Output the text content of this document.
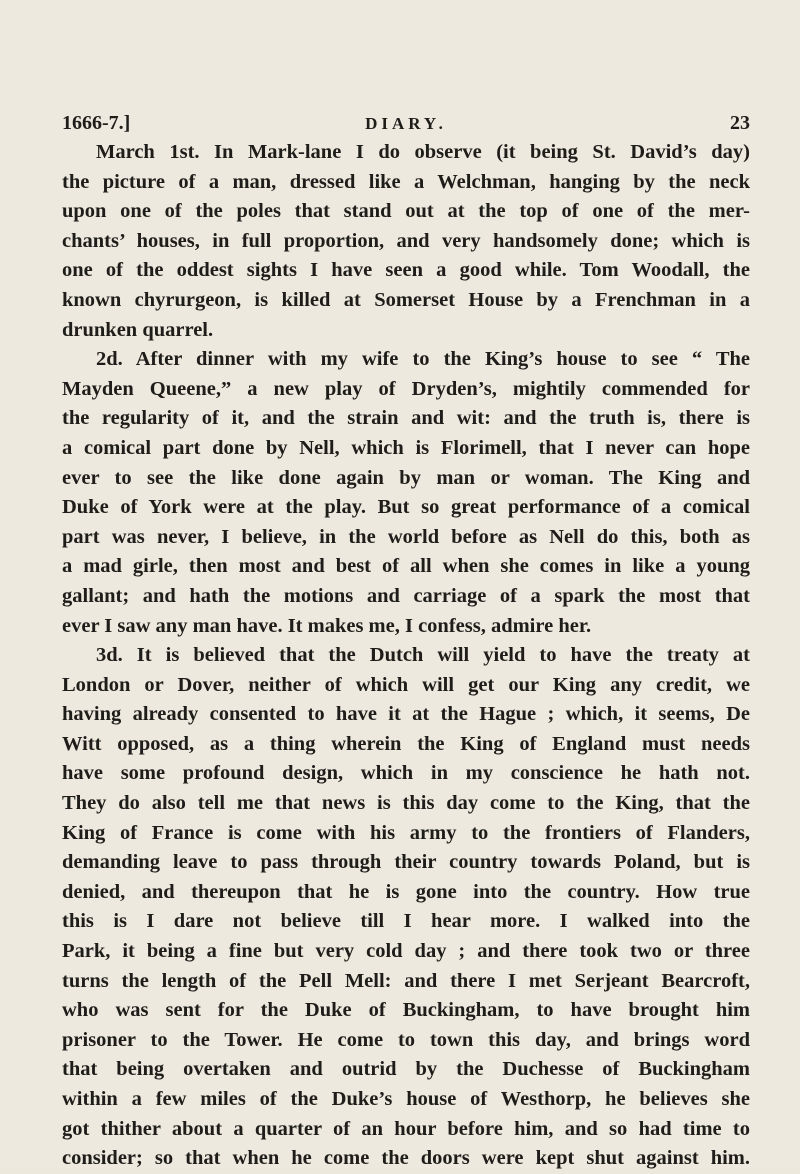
1666-7.]	DIARY.	23
March 1st. In Mark-lane I do observe (it being St. David’s day)
the picture of a man, dressed like a Welchman, hanging by the neck
upon one of the poles that stand out at the top of one of the mer-
chants’ houses, in full proportion, and very handsomely done; which is
one of the oddest sights I have seen a good while. Tom Woodall, the
known chyrurgeon, is killed at Somerset House by a Frenchman in a
drunken quarrel.
2d. After dinner with my wife to the King’s house to see “ The
Mayden Queene,” a new play of Dryden’s, mightily commended for
the regularity of it, and the strain and wit: and the truth is, there is
a comical part done by Nell, which is Florimell, that I never can hope
ever to see the like done again by man or woman. The King and
Duke of York were at the play. But so great performance of a comical
part was never, I believe, in the world before as Nell do this, both as
a mad girle, then most and best of all when she comes in like a young
gallant; and hath the motions and carriage of a spark the most that
ever I saw any man have. It makes me, I confess, admire her.
3d. It is believed that the Dutch will yield to have the treaty at
London or Dover, neither of which will get our King any credit, we
having already consented to have it at the Hague ; which, it seems, De
Witt opposed, as a thing wherein the King of England must needs
have some profound design, which in my conscience he hath not.
They do also tell me that news is this day come to the King, that the
King of France is come with his army to the frontiers of Flanders,
demanding leave to pass through their country towards Poland, but is
denied, and thereupon that he is gone into the country. How true
this is I dare not believe till I hear more. I walked into the
Park, it being a fine but very cold day ; and there took two or three
turns the length of the Pell Mell: and there I met Serjeant Bearcroft,
who was sent for the Duke of Buckingham, to have brought him
prisoner to the Tower. He come to town this day, and brings word
that being overtaken and outrid by the Duchesse of Buckingham
within a few miles of the Duke’s house of Westhorp, he believes she
got thither about a quarter of an hour before him, and so had time to
consider; so that when he come the doors were kept shut against him.
